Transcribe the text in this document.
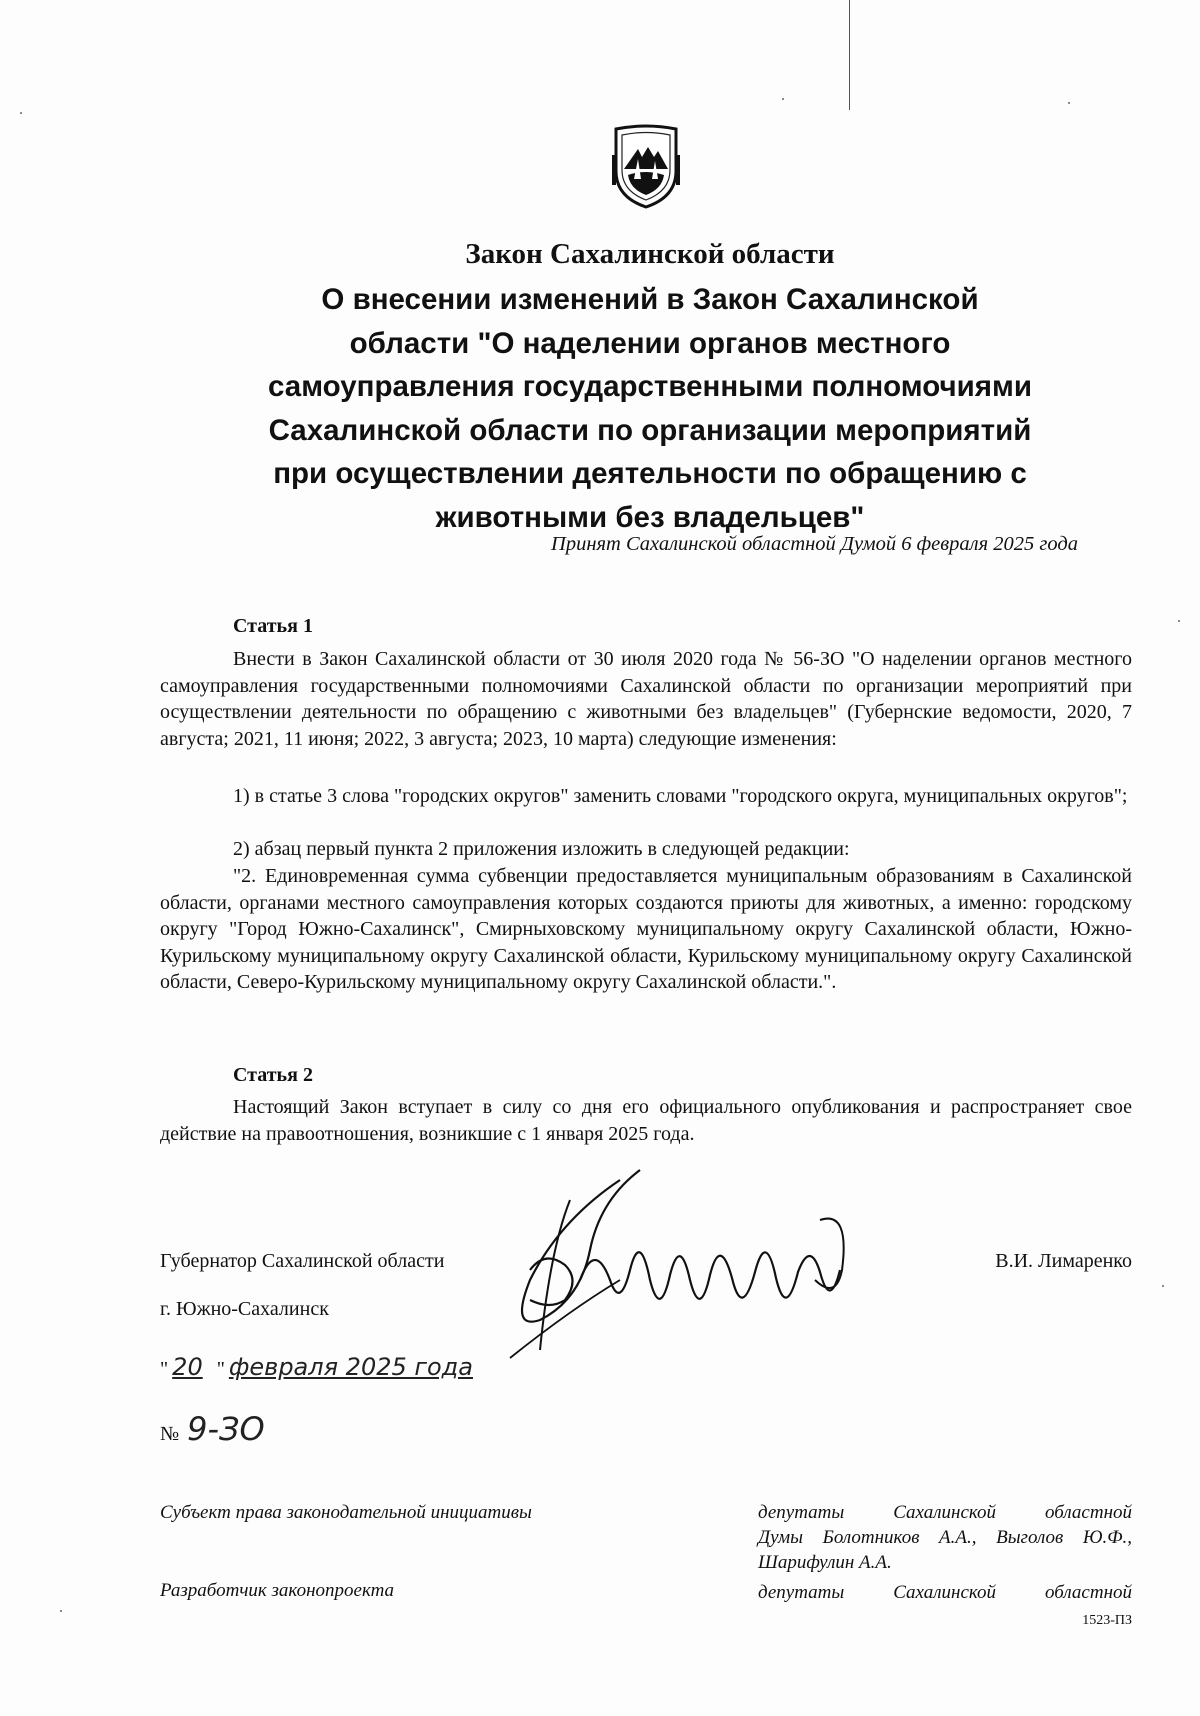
Закон Сахалинской области
О внесении изменений в Закон Сахалинской
области "О наделении органов местного
самоуправления государственными полномочиями
Сахалинской области по организации мероприятий
при осуществлении деятельности по обращению с
животными без владельцев"
Принят Сахалинской областной Думой 6 февраля 2025 года
Статья 1

Внести в Закон Сахалинской области от 30 июля 2020 года № 56-ЗО "О наделении органов местного самоуправления государственными полномочиями Сахалинской области по организации мероприятий при осуществлении деятельности по обращению с животными без владельцев" (Губернские ведомости, 2020, 7 августа; 2021, 11 июня; 2022, 3 августа; 2023, 10 марта) следующие изменения:

1) в статье 3 слова "городских округов" заменить словами "городского округа, муниципальных округов";

2) абзац первый пункта 2 приложения изложить в следующей редакции:

"2. Единовременная сумма субвенции предоставляется муниципальным образованиям в Сахалинской области, органами местного самоуправления которых создаются приюты для животных, а именно: городскому округу "Город Южно-Сахалинск", Смирныховскому муниципальному округу Сахалинской области, Южно-Курильскому муниципальному округу Сахалинской области, Курильскому муниципальному округу Сахалинской области, Северо-Курильскому муниципальному округу Сахалинской области.".

Статья 2

Настоящий Закон вступает в силу со дня его официального опубликования и распространяет свое действие на правоотношения, возникшие с 1 января 2025 года.

Губернатор Сахалинской области	В.И. Лимаренко
г. Южно-Сахалинск
" 20 " февраля 2025 года
№ 9-ЗО
Субъект права законодательной инициативы	депутаты Сахалинской областной
Думы Болотников А.А., Выголов Ю.Ф.,
Шарифулин А.А.
Разработчик законопроекта	депутаты Сахалинской областной
1523-ПЗ
